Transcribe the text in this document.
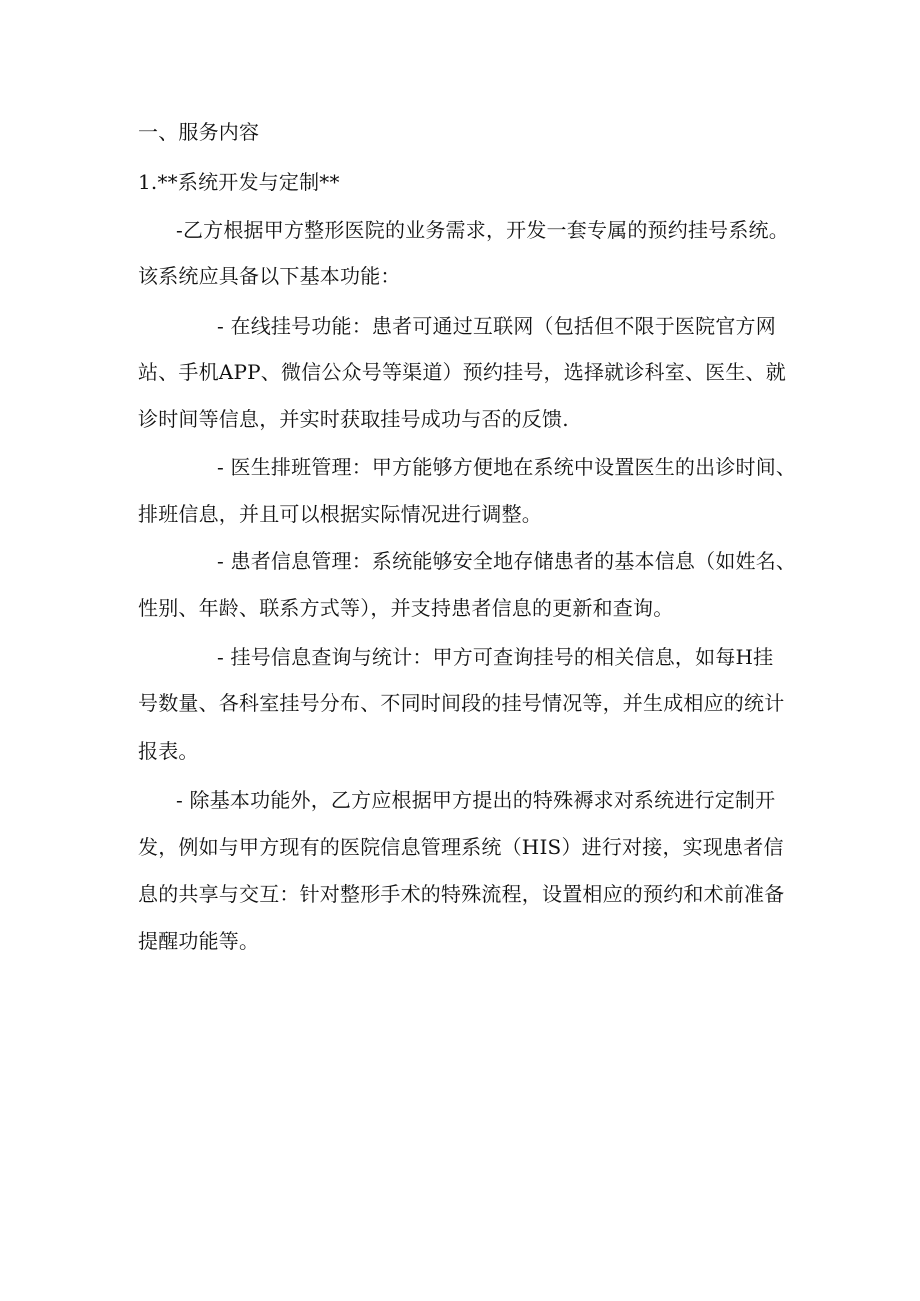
一、服务内容
1.**系统开发与定制**
-乙方根据甲方整形医院的业务需求，开发一套专属的预约挂号系统。
该系统应具备以下基本功能：
- 在线挂号功能：患者可通过互联网（包括但不限于医院官方网
站、手机APP、微信公众号等渠道）预约挂号，选择就诊科室、医生、就
诊时间等信息，并实时获取挂号成功与否的反馈.
- 医生排班管理：甲方能够方便地在系统中设置医生的出诊时间、
排班信息，并且可以根据实际情况进行调整。
- 患者信息管理：系统能够安全地存储患者的基本信息（如姓名、
性别、年龄、联系方式等），并支持患者信息的更新和查询。
- 挂号信息查询与统计：甲方可查询挂号的相关信息，如每H挂
号数量、各科室挂号分布、不同时间段的挂号情况等，并生成相应的统计
报表。
- 除基本功能外，乙方应根据甲方提出的特殊褥求对系统进行定制开
发，例如与甲方现有的医院信息管理系统（HIS）进行对接，实现患者信
息的共享与交互：针对整形手术的特殊流程，设置相应的预约和术前准备
提醒功能等。
